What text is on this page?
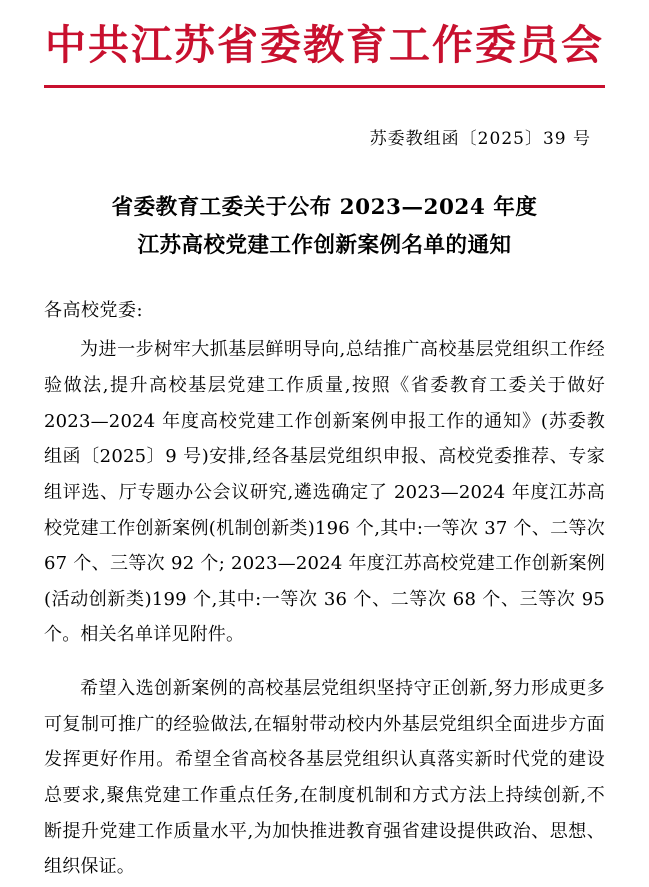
中共江苏省委教育工作委员会
苏委教组函〔2025〕39 号
省委教育工委关于公布 2023—2024 年度
江苏高校党建工作创新案例名单的通知
各高校党委:

为进一步树牢大抓基层鲜明导向,总结推广高校基层党组织工作经验做法,提升高校基层党建工作质量,按照《省委教育工委关于做好 2023—2024 年度高校党建工作创新案例申报工作的通知》(苏委教组函〔2025〕9 号)安排,经各基层党组织申报、高校党委推荐、专家组评选、厅专题办公会议研究,遴选确定了 2023—2024 年度江苏高校党建工作创新案例(机制创新类)196 个,其中:一等次 37 个、二等次 67 个、三等次 92 个; 2023—2024 年度江苏高校党建工作创新案例(活动创新类)199 个,其中:一等次 36 个、二等次 68 个、三等次 95 个。相关名单详见附件。

希望入选创新案例的高校基层党组织坚持守正创新,努力形成更多可复制可推广的经验做法,在辐射带动校内外基层党组织全面进步方面发挥更好作用。希望全省高校各基层党组织认真落实新时代党的建设总要求,聚焦党建工作重点任务,在制度机制和方式方法上持续创新,不断提升党建工作质量水平,为加快推进教育强省建设提供政治、思想、组织保证。
